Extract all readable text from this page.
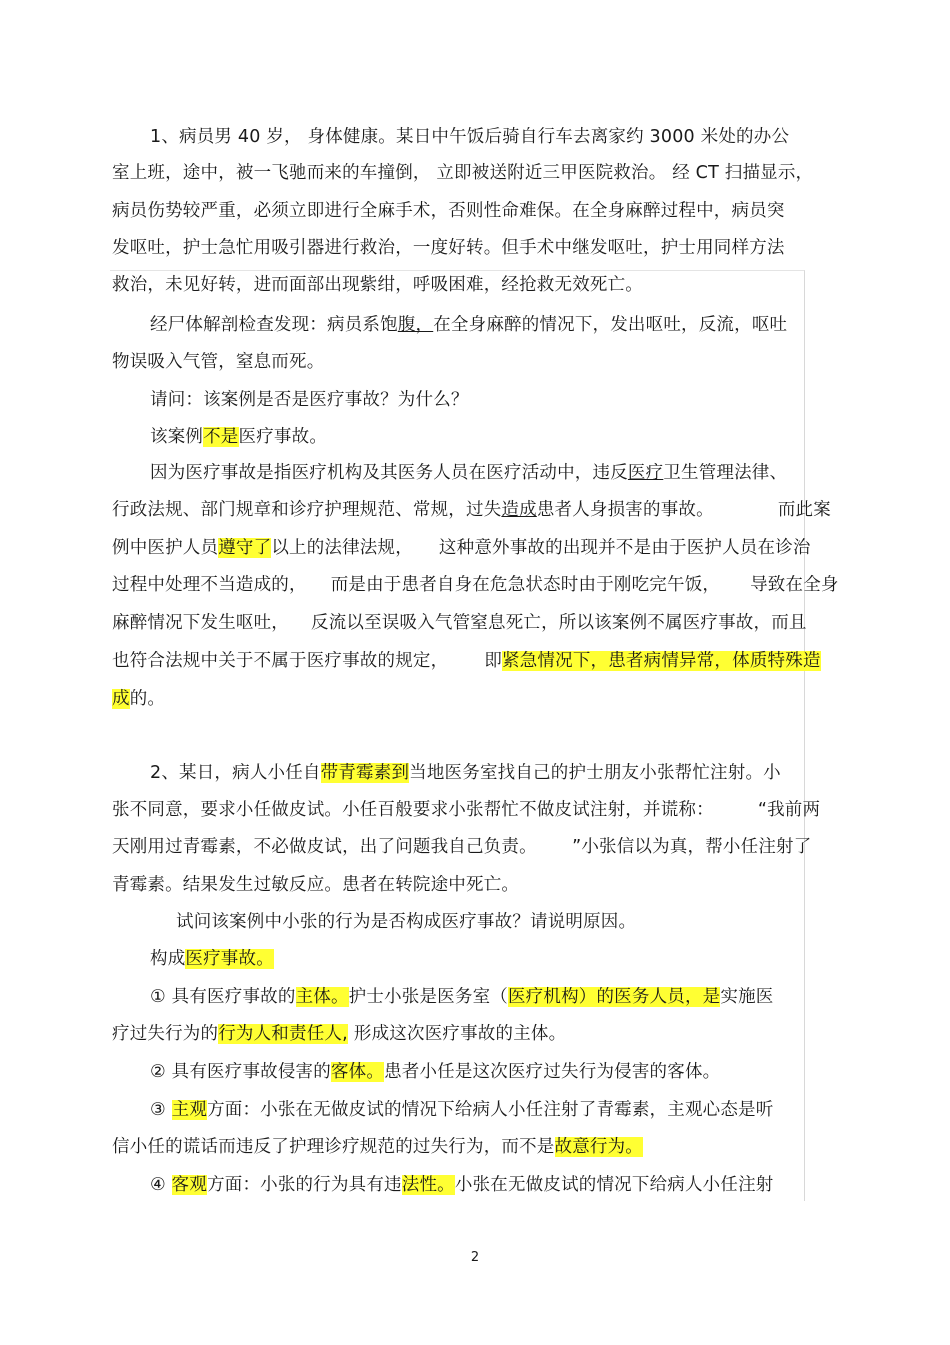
1、病员男 40 岁， 身体健康。某日中午饭后骑自行车去离家约 3000 米处的办公
室上班，途中，被一飞驰而来的车撞倒， 立即被送附近三甲医院救治。 经 CT 扫描显示，
病员伤势较严重，必须立即进行全麻手术，否则性命难保。在全身麻醉过程中，病员突
发呕吐，护士急忙用吸引器进行救治，一度好转。但手术中继发呕吐，护士用同样方法
救治，未见好转，进而面部出现紫绀，呼吸困难，经抢救无效死亡。
经尸体解剖检查发现：病员系饱腹，在全身麻醉的情况下，发出呕吐，反流，呕吐
物误吸入气管，窒息而死。
请问：该案例是否是医疗事故？为什么？
该案例不是医疗事故。
因为医疗事故是指医疗机构及其医务人员在医疗活动中，违反医疗卫生管理法律、
行政法规、部门规章和诊疗护理规范、常规，过失造成患者人身损害的事故。	而此案
例中医护人员遵守了以上的法律法规， 这种意外事故的出现并不是由于医护人员在诊治
过程中处理不当造成的， 而是由于患者自身在危急状态时由于刚吃完午饭， 导致在全身
麻醉情况下发生呕吐， 反流以至误吸入气管窒息死亡，所以该案例不属医疗事故，而且
也符合法规中关于不属于医疗事故的规定， 即紧急情况下，患者病情异常，体质特殊造
成的。
2、某日，病人小任自带青霉素到当地医务室找自己的护士朋友小张帮忙注射。小
张不同意，要求小任做皮试。小任百般要求小张帮忙不做皮试注射，并谎称：	“我前两
天刚用过青霉素，不必做皮试，出了问题我自己负责。	”小张信以为真，帮小任注射了
青霉素。结果发生过敏反应。患者在转院途中死亡。
试问该案例中小张的行为是否构成医疗事故？请说明原因。
构成医疗事故。
① 具有医疗事故的主体。护士小张是医务室（医疗机构）的医务人员，是实施医
疗过失行为的行为人和责任人, 形成这次医疗事故的主体。
② 具有医疗事故侵害的客体。患者小任是这次医疗过失行为侵害的客体。
③ 主观方面：小张在无做皮试的情况下给病人小任注射了青霉素，主观心态是听
信小任的谎话而违反了护理诊疗规范的过失行为，而不是故意行为。
④ 客观方面：小张的行为具有违法性。小张在无做皮试的情况下给病人小任注射
2
